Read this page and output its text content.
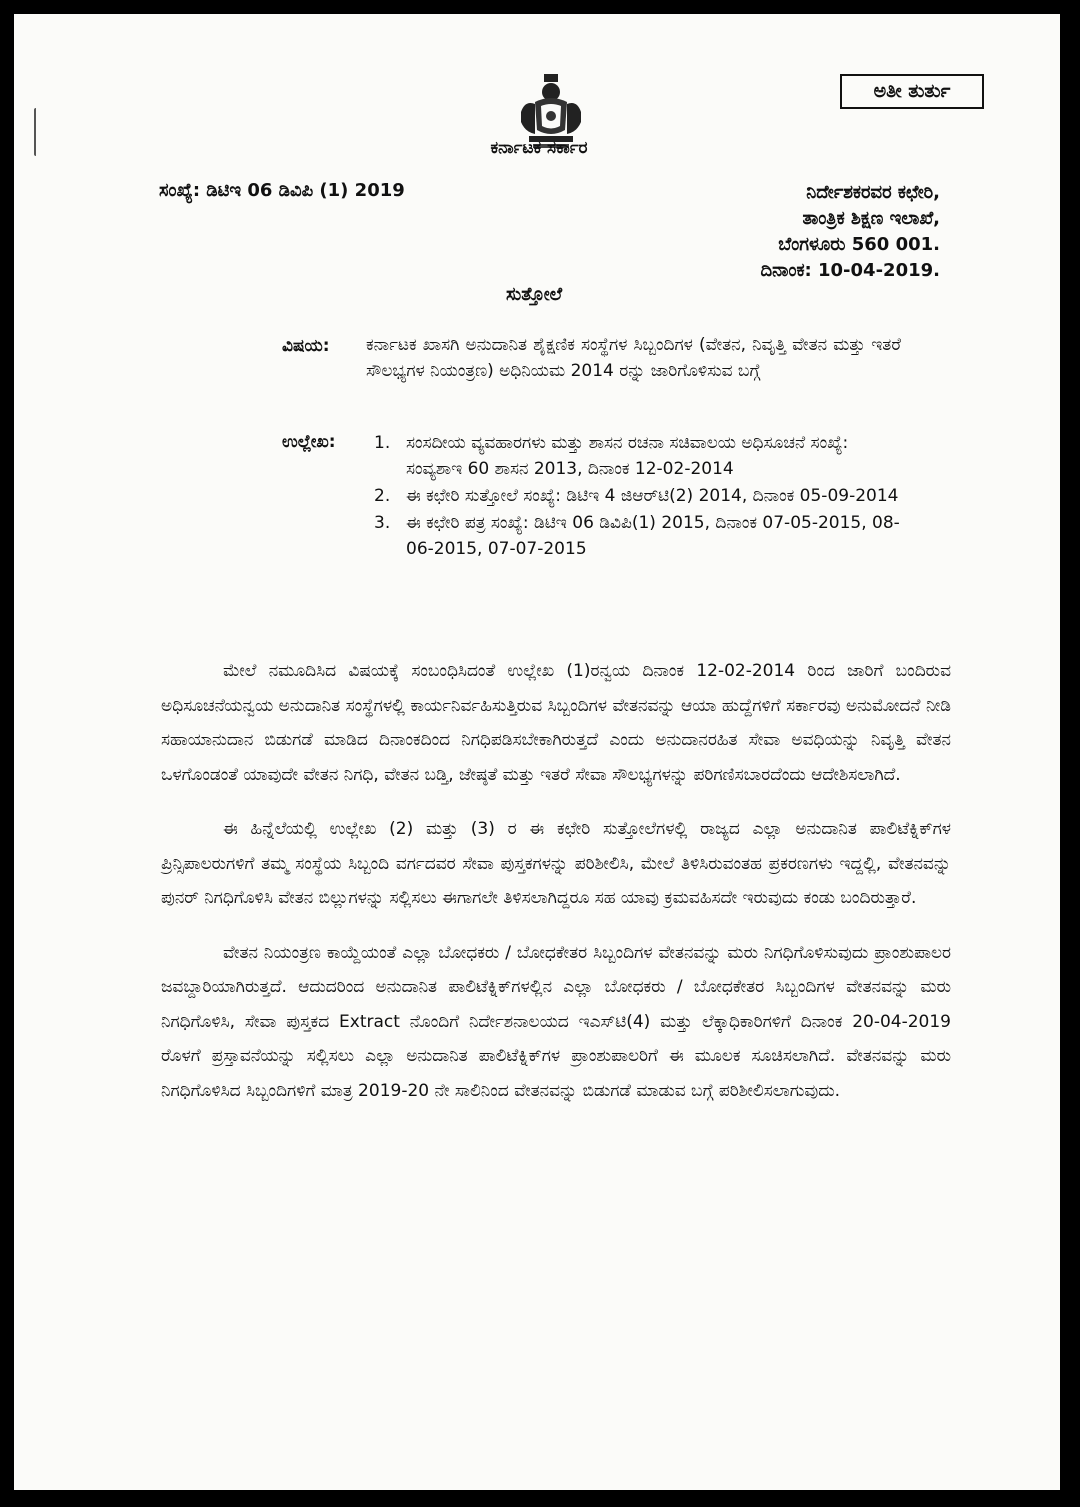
ಅತೀ ತುರ್ತು
ಕರ್ನಾಟಕ ಸರ್ಕಾರ
ಸಂಖ್ಯೆ: ಡಿಟಿಇ 06 ಡಿವಿಪಿ (1) 2019	ನಿರ್ದೇಶಕರವರ ಕಛೇರಿ,
ತಾಂತ್ರಿಕ ಶಿಕ್ಷಣ ಇಲಾಖೆ,
ಬೆಂಗಳೂರು 560 001.
ದಿನಾಂಕ: 10-04-2019.
ಸುತ್ತೋಲೆ
ವಿಷಯ: ಕರ್ನಾಟಕ ಖಾಸಗಿ ಅನುದಾನಿತ ಶೈಕ್ಷಣಿಕ ಸಂಸ್ಥೆಗಳ ಸಿಬ್ಬಂದಿಗಳ (ವೇತನ, ನಿವೃತ್ತಿ ವೇತನ ಮತ್ತು ಇತರೆ ಸೌಲಭ್ಯಗಳ ನಿಯಂತ್ರಣ) ಅಧಿನಿಯಮ 2014 ರನ್ನು ಜಾರಿಗೊಳಿಸುವ ಬಗ್ಗೆ
ಉಲ್ಲೇಖ: 1. ಸಂಸದೀಯ ವ್ಯವಹಾರಗಳು ಮತ್ತು ಶಾಸನ ರಚನಾ ಸಚಿವಾಲಯ ಅಧಿಸೂಚನೆ ಸಂಖ್ಯೆ: ಸಂವ್ಯಶಾಇ 60 ಶಾಸನ 2013, ದಿನಾಂಕ 12-02-2014
2. ಈ ಕಛೇರಿ ಸುತ್ತೋಲೆ ಸಂಖ್ಯೆ: ಡಿಟಿಇ 4 ಜಿಆರ್‌ಟಿ(2) 2014, ದಿನಾಂಕ 05-09-2014
3. ಈ ಕಛೇರಿ ಪತ್ರ ಸಂಖ್ಯೆ: ಡಿಟಿಇ 06 ಡಿವಿಪಿ(1) 2015, ದಿನಾಂಕ 07-05-2015, 08-06-2015, 07-07-2015

ಮೇಲೆ ನಮೂದಿಸಿದ ವಿಷಯಕ್ಕೆ ಸಂಬಂಧಿಸಿದಂತೆ ಉಲ್ಲೇಖ (1)ರನ್ವಯ ದಿನಾಂಕ 12-02-2014 ರಿಂದ ಜಾರಿಗೆ ಬಂದಿರುವ ಅಧಿಸೂಚನೆಯನ್ವಯ ಅನುದಾನಿತ ಸಂಸ್ಥೆಗಳಲ್ಲಿ ಕಾರ್ಯನಿರ್ವಹಿಸುತ್ತಿರುವ ಸಿಬ್ಬಂದಿಗಳ ವೇತನವನ್ನು ಆಯಾ ಹುದ್ದೆಗಳಿಗೆ ಸರ್ಕಾರವು ಅನುಮೋದನೆ ನೀಡಿ ಸಹಾಯಾನುದಾನ ಬಿಡುಗಡೆ ಮಾಡಿದ ದಿನಾಂಕದಿಂದ ನಿಗಧಿಪಡಿಸಬೇಕಾಗಿರುತ್ತದೆ ಎಂದು ಅನುದಾನರಹಿತ ಸೇವಾ ಅವಧಿಯನ್ನು ನಿವೃತ್ತಿ ವೇತನ ಒಳಗೊಂಡಂತೆ ಯಾವುದೇ ವೇತನ ನಿಗಧಿ, ವೇತನ ಬಡ್ತಿ, ಜೇಷ್ಠತೆ ಮತ್ತು ಇತರೆ ಸೇವಾ ಸೌಲಭ್ಯಗಳನ್ನು ಪರಿಗಣಿಸಬಾರದೆಂದು ಆದೇಶಿಸಲಾಗಿದೆ.

ಈ ಹಿನ್ನೆಲೆಯಲ್ಲಿ ಉಲ್ಲೇಖ (2) ಮತ್ತು (3) ರ ಈ ಕಛೇರಿ ಸುತ್ತೋಲೆಗಳಲ್ಲಿ ರಾಜ್ಯದ ಎಲ್ಲಾ ಅನುದಾನಿತ ಪಾಲಿಟೆಕ್ನಿಕ್‌ಗಳ ಪ್ರಿನ್ಸಿಪಾಲರುಗಳಿಗೆ ತಮ್ಮ ಸಂಸ್ಥೆಯ ಸಿಬ್ಬಂದಿ ವರ್ಗದವರ ಸೇವಾ ಪುಸ್ತಕಗಳನ್ನು ಪರಿಶೀಲಿಸಿ, ಮೇಲೆ ತಿಳಿಸಿರುವಂತಹ ಪ್ರಕರಣಗಳು ಇದ್ದಲ್ಲಿ, ವೇತನವನ್ನು ಪುನರ್ ನಿಗಧಿಗೊಳಿಸಿ ವೇತನ ಬಿಲ್ಲುಗಳನ್ನು ಸಲ್ಲಿಸಲು ಈಗಾಗಲೇ ತಿಳಿಸಲಾಗಿದ್ದರೂ ಸಹ ಯಾವು ಕ್ರಮವಹಿಸದೇ ಇರುವುದು ಕಂಡು ಬಂದಿರುತ್ತಾರೆ.

ವೇತನ ನಿಯಂತ್ರಣ ಕಾಯ್ದೆಯಂತೆ ಎಲ್ಲಾ ಬೋಧಕರು / ಬೋಧಕೇತರ ಸಿಬ್ಬಂದಿಗಳ ವೇತನವನ್ನು ಮರು ನಿಗಧಿಗೊಳಿಸುವುದು ಪ್ರಾಂಶುಪಾಲರ ಜವಬ್ದಾರಿಯಾಗಿರುತ್ತದೆ. ಆದುದರಿಂದ ಅನುದಾನಿತ ಪಾಲಿಟೆಕ್ನಿಕ್‌ಗಳಲ್ಲಿನ ಎಲ್ಲಾ ಬೋಧಕರು / ಬೋಧಕೇತರ ಸಿಬ್ಬಂದಿಗಳ ವೇತನವನ್ನು ಮರು ನಿಗಧಿಗೊಳಿಸಿ, ಸೇವಾ ಪುಸ್ತಕದ Extract ನೊಂದಿಗೆ ನಿರ್ದೇಶನಾಲಯದ ಇಎಸ್‌ಟಿ(4) ಮತ್ತು ಲೆಕ್ಕಾಧಿಕಾರಿಗಳಿಗೆ ದಿನಾಂಕ 20-04-2019 ರೊಳಗೆ ಪ್ರಸ್ತಾವನೆಯನ್ನು ಸಲ್ಲಿಸಲು ಎಲ್ಲಾ ಅನುದಾನಿತ ಪಾಲಿಟೆಕ್ನಿಕ್‌ಗಳ ಪ್ರಾಂಶುಪಾಲರಿಗೆ ಈ ಮೂಲಕ ಸೂಚಿಸಲಾಗಿದೆ. ವೇತನವನ್ನು ಮರು ನಿಗಧಿಗೊಳಿಸಿದ ಸಿಬ್ಬಂದಿಗಳಿಗೆ ಮಾತ್ರ 2019-20 ನೇ ಸಾಲಿನಿಂದ ವೇತನವನ್ನು ಬಿಡುಗಡೆ ಮಾಡುವ ಬಗ್ಗೆ ಪರಿಶೀಲಿಸಲಾಗುವುದು.
